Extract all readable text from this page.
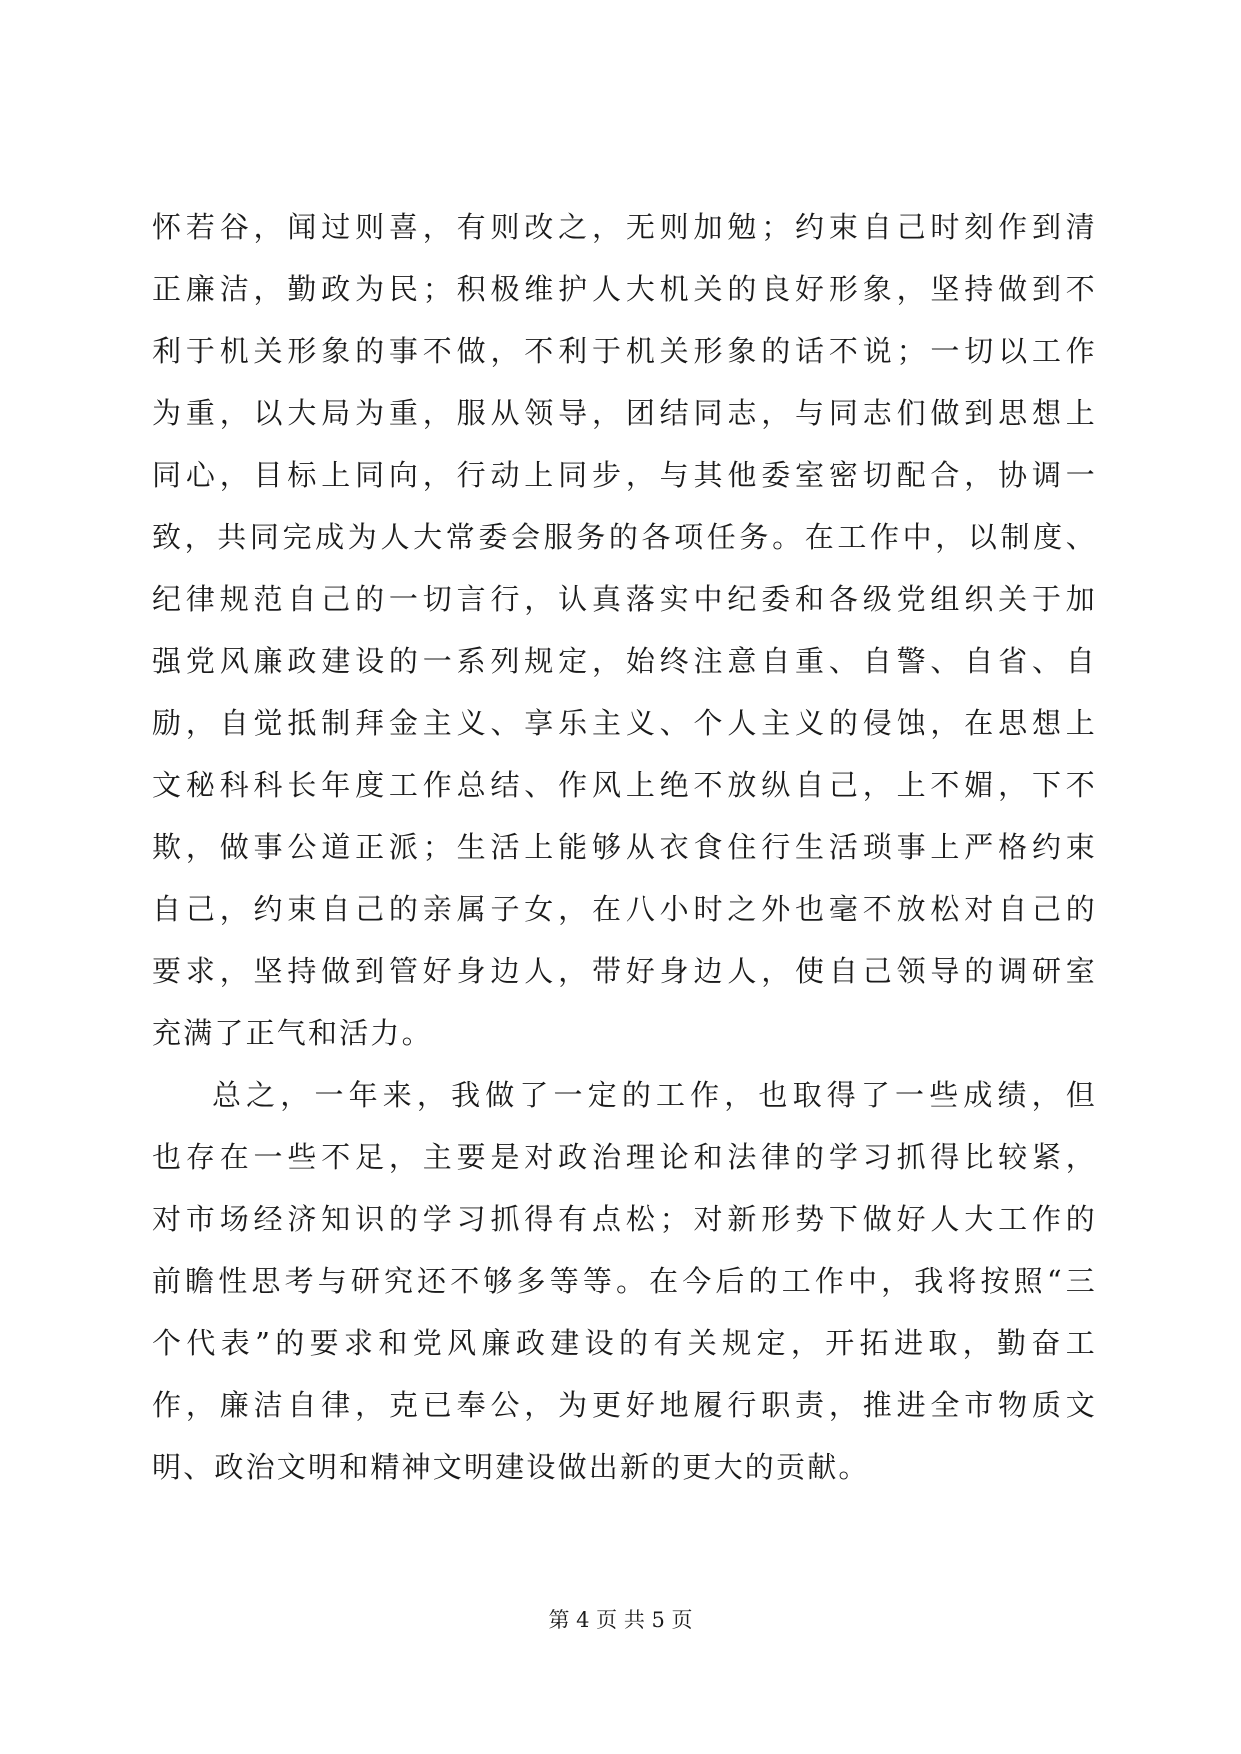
怀若谷，闻过则喜，有则改之，无则加勉；约束自己时刻作到清
正廉洁，勤政为民；积极维护人大机关的良好形象，坚持做到不
利于机关形象的事不做，不利于机关形象的话不说；一切以工作
为重，以大局为重，服从领导，团结同志，与同志们做到思想上
同心，目标上同向，行动上同步，与其他委室密切配合，协调一
致，共同完成为人大常委会服务的各项任务。在工作中，以制度、
纪律规范自己的一切言行，认真落实中纪委和各级党组织关于加
强党风廉政建设的一系列规定，始终注意自重、自警、自省、自
励，自觉抵制拜金主义、享乐主义、个人主义的侵蚀，在思想上
文秘科科长年度工作总结、作风上绝不放纵自己，上不媚，下不
欺，做事公道正派；生活上能够从衣食住行生活琐事上严格约束
自己，约束自己的亲属子女，在八小时之外也毫不放松对自己的
要求，坚持做到管好身边人，带好身边人，使自己领导的调研室
充满了正气和活力。
总之，一年来，我做了一定的工作，也取得了一些成绩，但
也存在一些不足，主要是对政治理论和法律的学习抓得比较紧，
对市场经济知识的学习抓得有点松；对新形势下做好人大工作的
前瞻性思考与研究还不够多等等。在今后的工作中，我将按照“三
个代表”的要求和党风廉政建设的有关规定，开拓进取，勤奋工
作，廉洁自律，克已奉公，为更好地履行职责，推进全市物质文
明、政治文明和精神文明建设做出新的更大的贡献。
第 4 页 共 5 页
